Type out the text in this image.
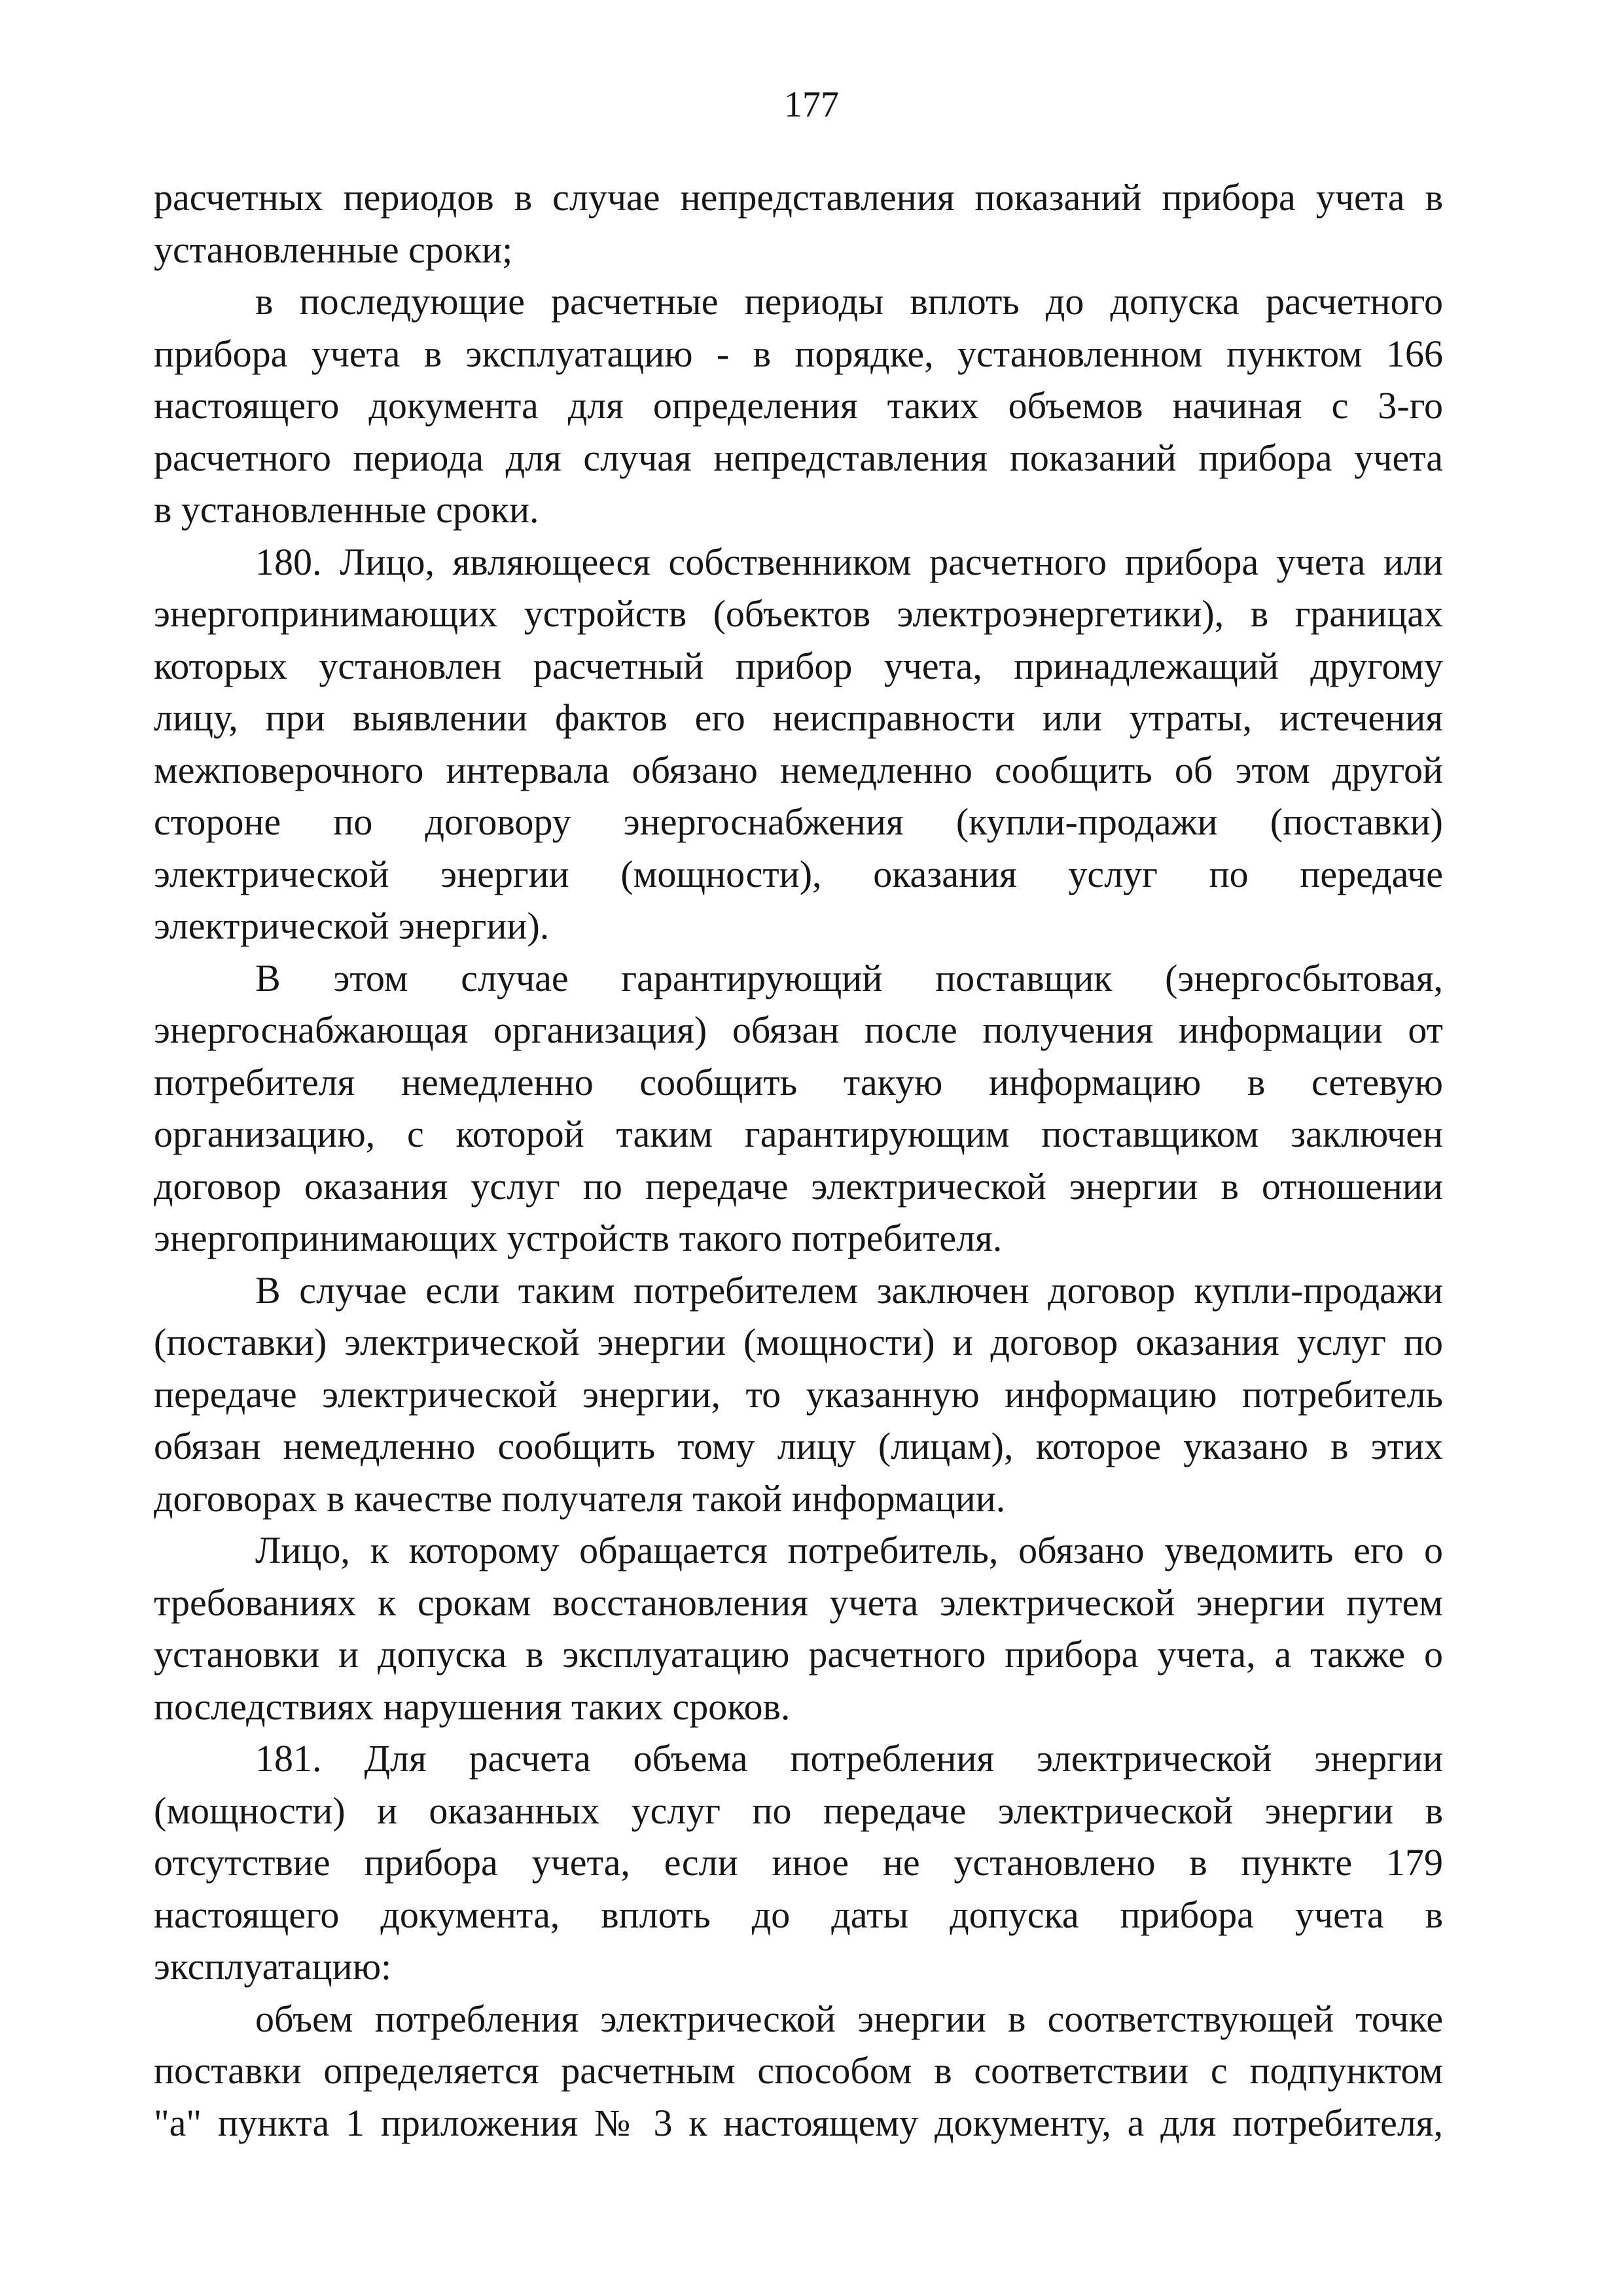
177

расчетных периодов в случае непредставления показаний прибора учета в
установленные сроки;

в последующие расчетные периоды вплоть до допуска расчетного
прибора учета в эксплуатацию - в порядке, установленном пунктом 166
настоящего документа для определения таких объемов начиная с 3-го
расчетного периода для случая непредставления показаний прибора учета
в установленные сроки.

180. Лицо, являющееся собственником расчетного прибора учета или
энергопринимающих устройств (объектов электроэнергетики), в границах
которых установлен расчетный прибор учета, принадлежащий другому
лицу, при выявлении фактов его неисправности или утраты, истечения
межповерочного интервала обязано немедленно сообщить об этом другой
стороне по договору энергоснабжения (купли-продажи (поставки)
электрической энергии (мощности), оказания услуг по передаче
электрической энергии).

В этом случае гарантирующий поставщик (энергосбытовая,
энергоснабжающая организация) обязан после получения информации от
потребителя немедленно сообщить такую информацию в сетевую
организацию, с которой таким гарантирующим поставщиком заключен
договор оказания услуг по передаче электрической энергии в отношении
энергопринимающих устройств такого потребителя.

В случае если таким потребителем заключен договор купли-продажи
(поставки) электрической энергии (мощности) и договор оказания услуг по
передаче электрической энергии, то указанную информацию потребитель
обязан немедленно сообщить тому лицу (лицам), которое указано в этих
договорах в качестве получателя такой информации.

Лицо, к которому обращается потребитель, обязано уведомить его о
требованиях к срокам восстановления учета электрической энергии путем
установки и допуска в эксплуатацию расчетного прибора учета, а также о
последствиях нарушения таких сроков.

181. Для расчета объема потребления электрической энергии
(мощности) и оказанных услуг по передаче электрической энергии в
отсутствие прибора учета, если иное не установлено в пункте 179
настоящего документа, вплоть до даты допуска прибора учета в
эксплуатацию:

объем потребления электрической энергии в соответствующей точке
поставки определяется расчетным способом в соответствии с подпунктом
"а" пункта 1 приложения № 3 к настоящему документу, а для потребителя,
